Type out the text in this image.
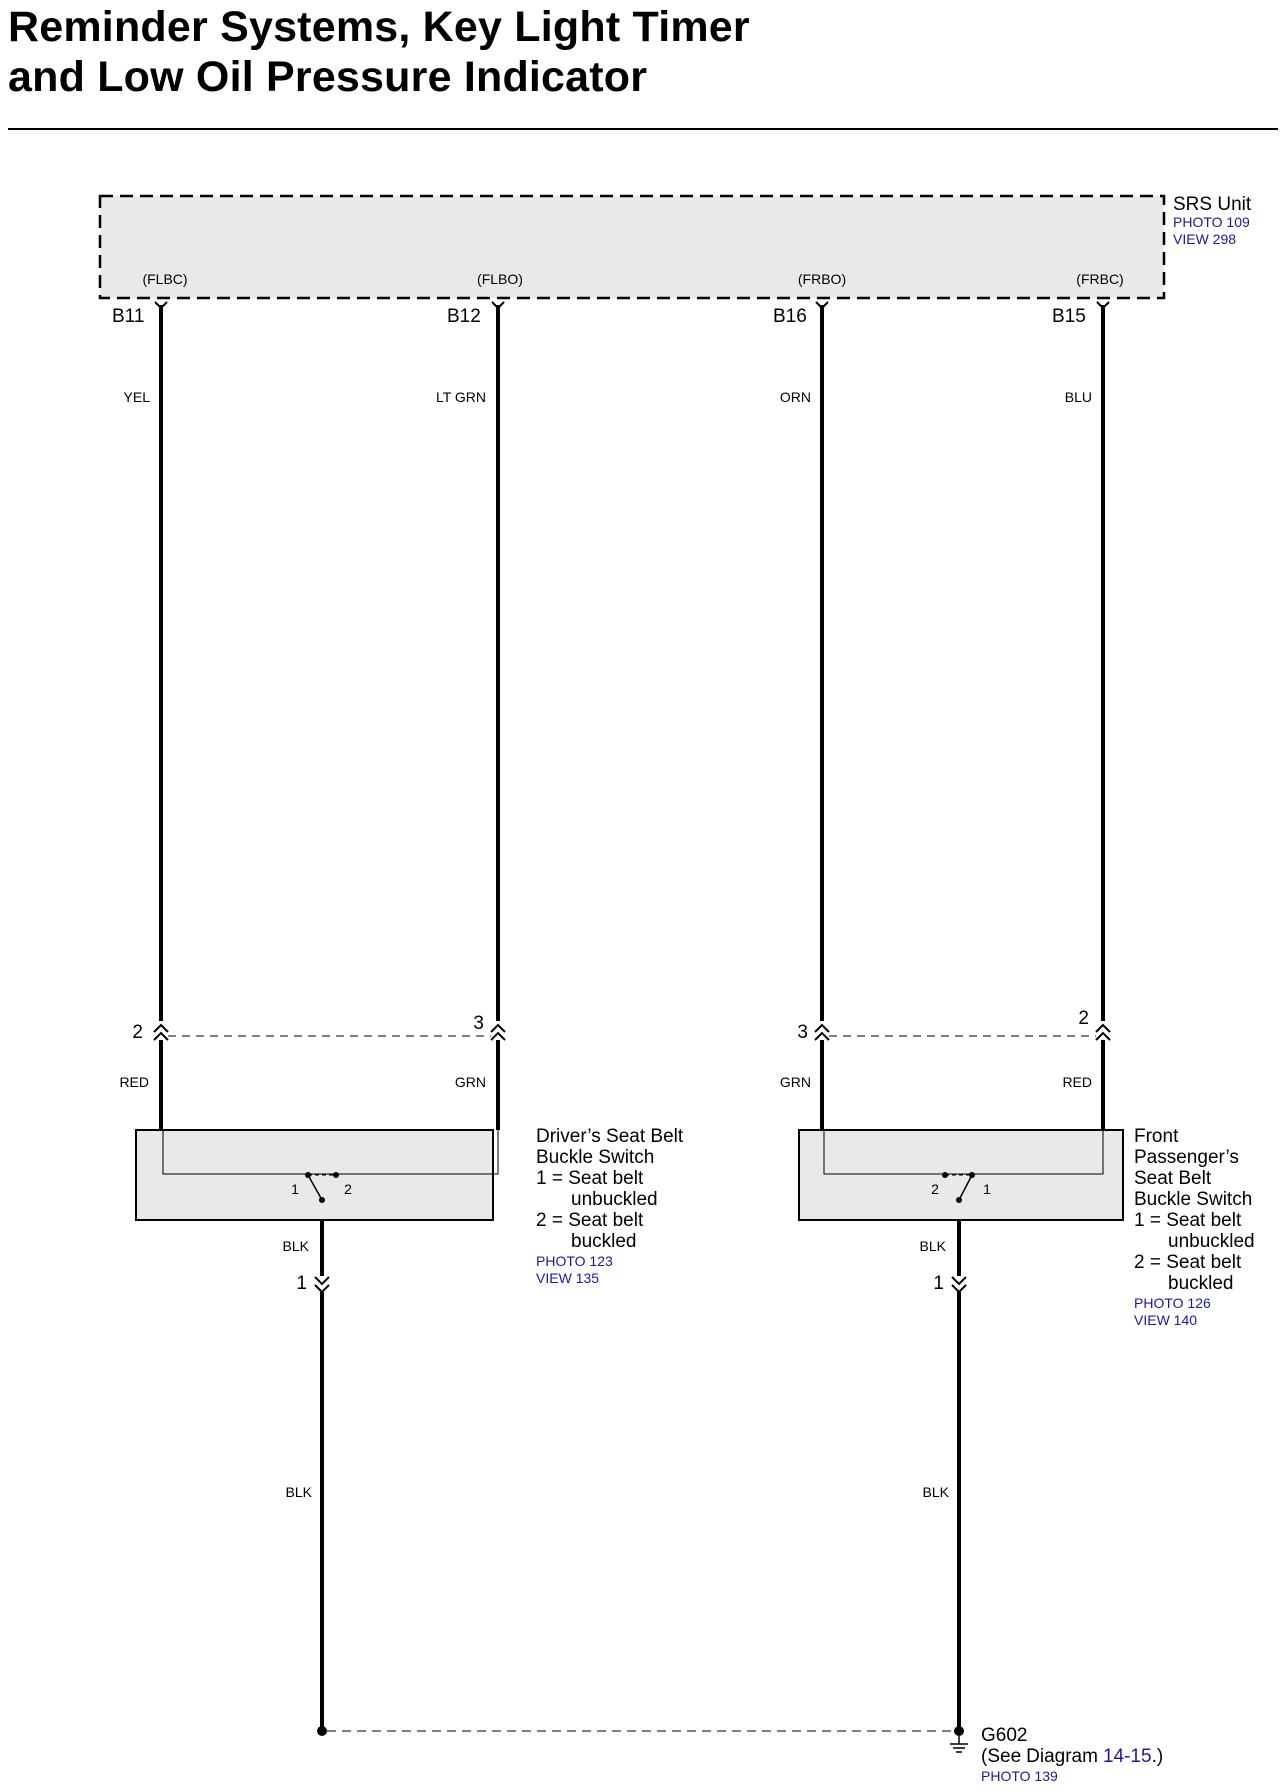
Reminder Systems, Key Light Timer
and Low Oil Pressure Indicator
SRS Unit
PHOTO 109
VIEW 298
(FLBC)	(FLBO)	(FRBO)	(FRBC)
B11	B12	B16	B15
YEL	LT GRN	ORN	BLU
2	3	3
2
RED	GRN	GRN	RED
1	2
Driver’s Seat Belt
Buckle Switch
1 = Seat belt
unbuckled
2 = Seat belt
buckled
PHOTO 123
VIEW 135
2	1
Front
Passenger’s
Seat Belt
Buckle Switch
1 = Seat belt
unbuckled
2 = Seat belt
buckled
PHOTO 126
VIEW 140
BLK	BLK
1	1
BLK	BLK
G602
(See Diagram 14-15.)
PHOTO 139
